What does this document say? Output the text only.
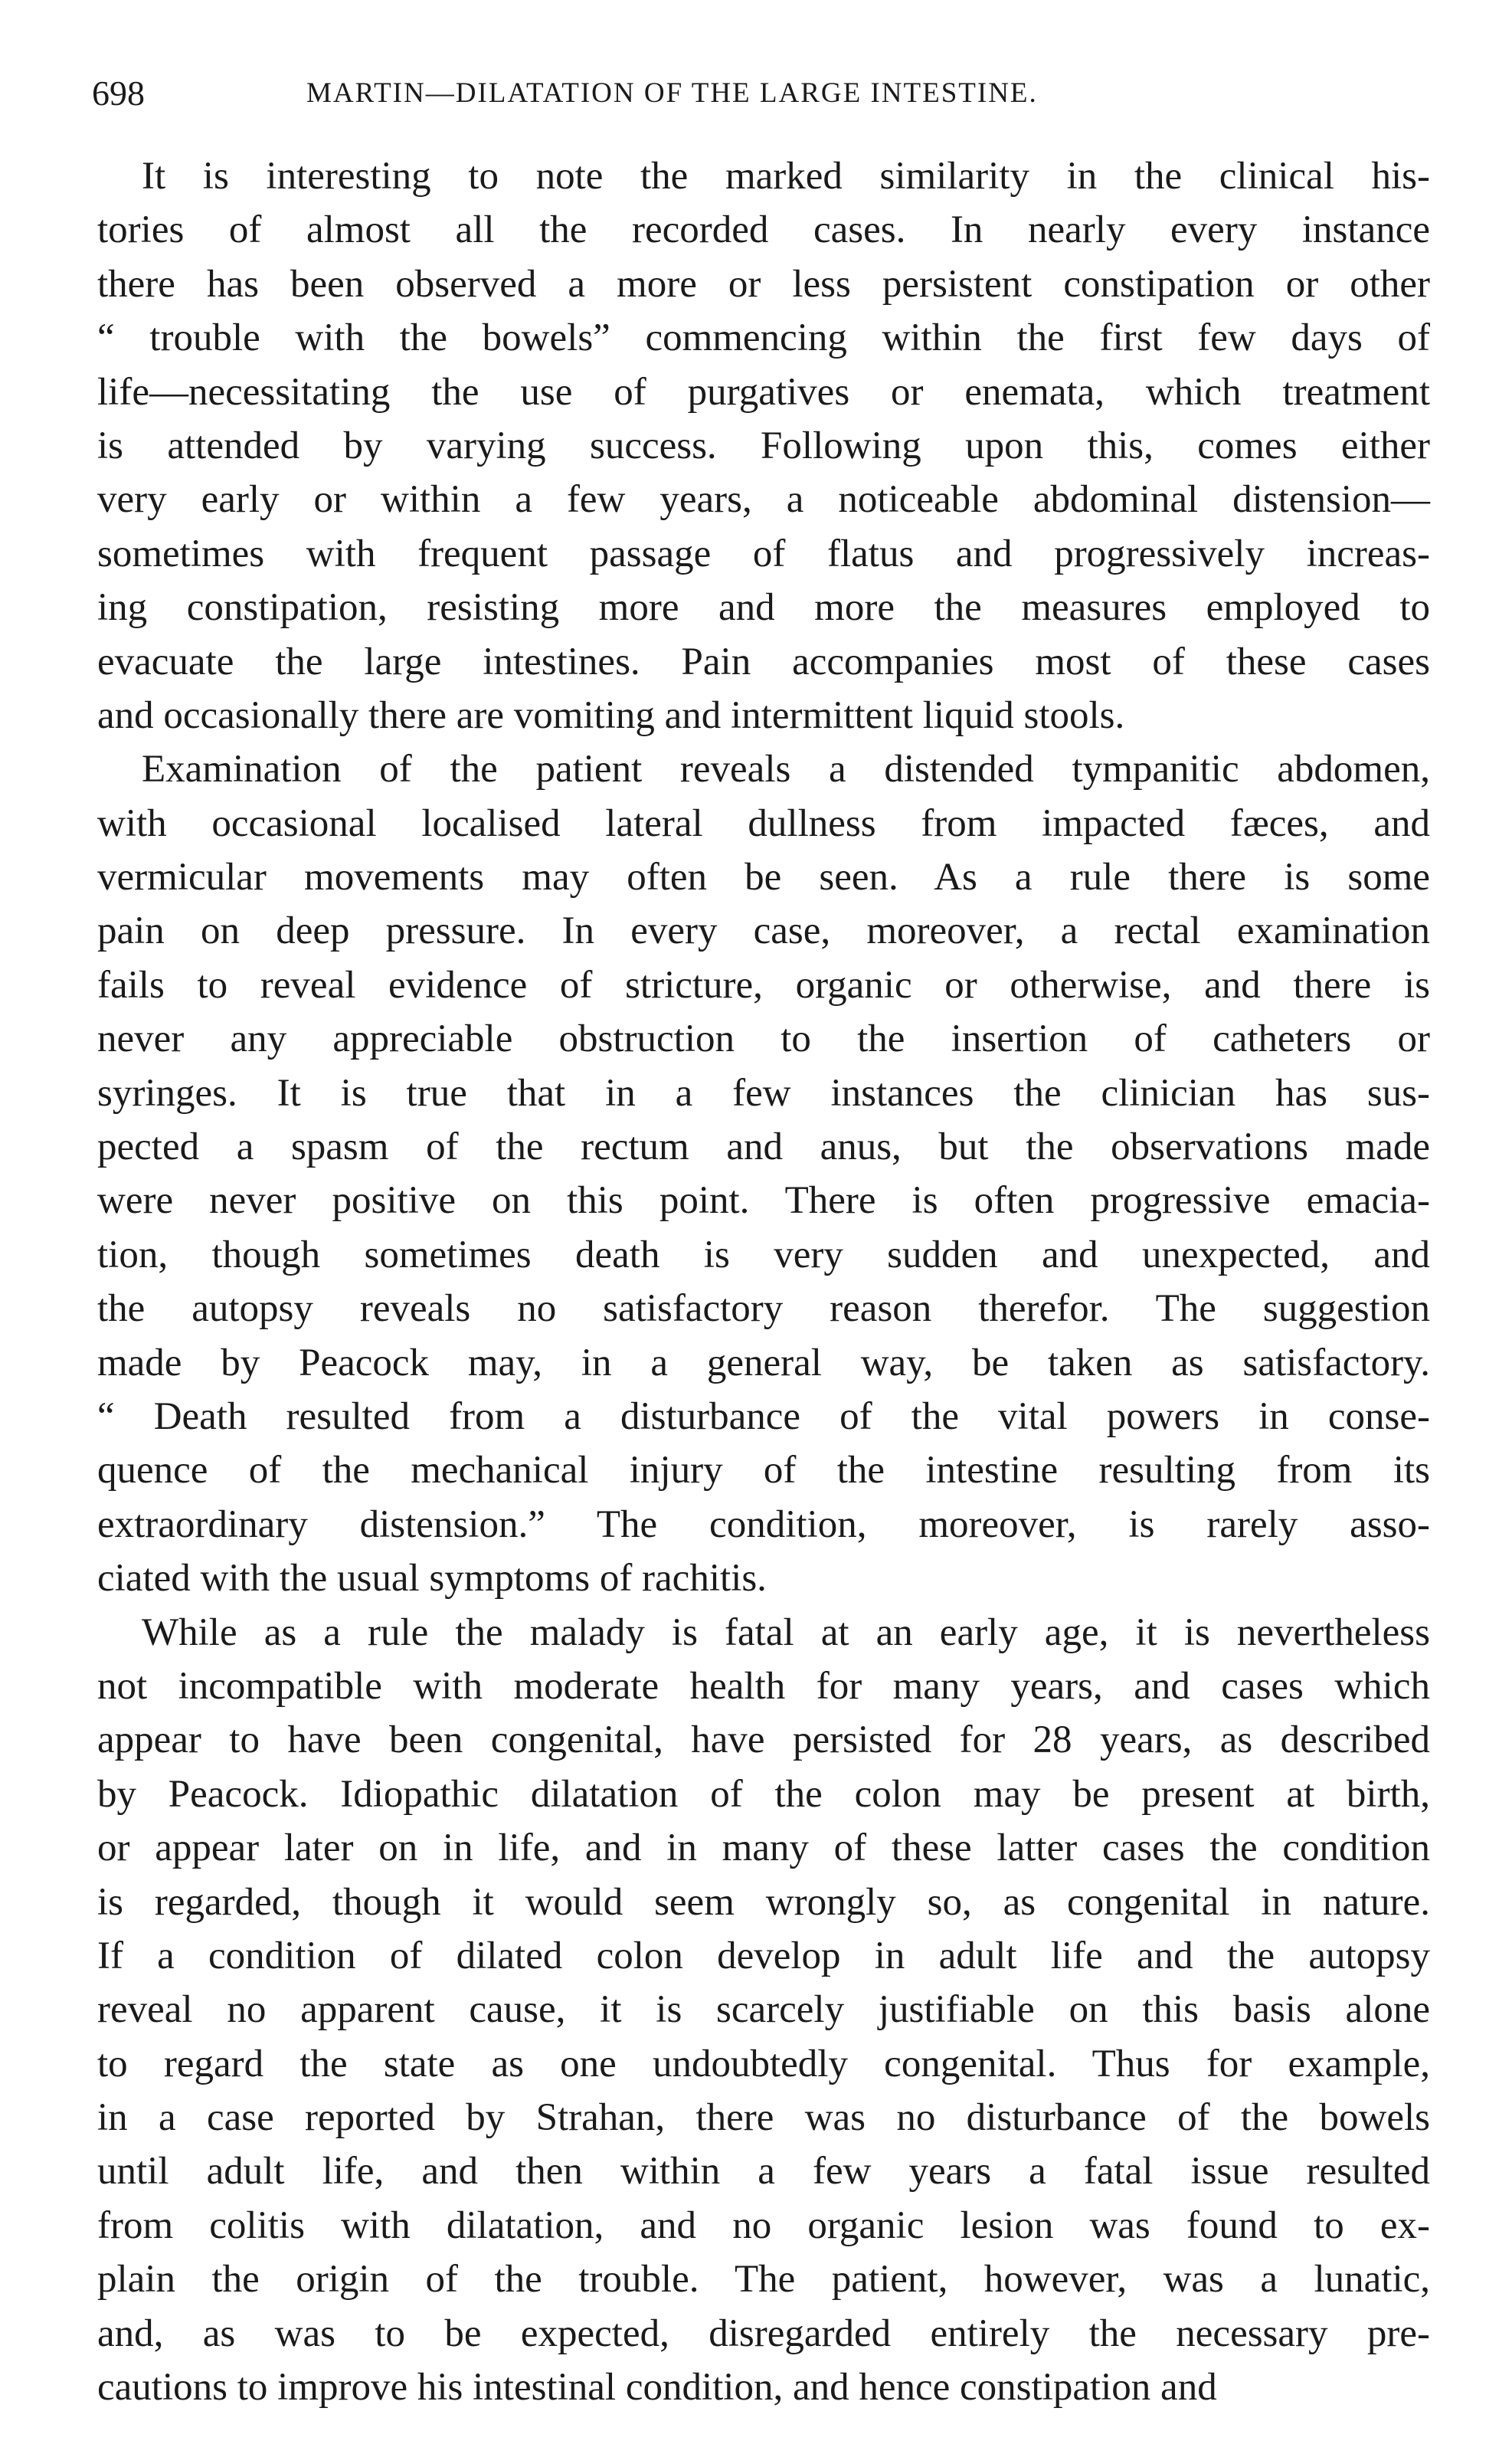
698	MARTIN—DILATATION OF THE LARGE INTESTINE.
It is interesting to note the marked similarity in the clinical his-
tories of almost all the recorded cases. In nearly every instance
there has been observed a more or less persistent constipation or other
“ trouble with the bowels” commencing within the first few days of
life—necessitating the use of purgatives or enemata, which treatment
is attended by varying success. Following upon this, comes either
very early or within a few years, a noticeable abdominal distension—
sometimes with frequent passage of flatus and progressively increas-
ing constipation, resisting more and more the measures employed to
evacuate the large intestines. Pain accompanies most of these cases
and occasionally there are vomiting and intermittent liquid stools.
Examination of the patient reveals a distended tympanitic abdomen,
with occasional localised lateral dullness from impacted fæces, and
vermicular movements may often be seen. As a rule there is some
pain on deep pressure. In every case, moreover, a rectal examination
fails to reveal evidence of stricture, organic or otherwise, and there is
never any appreciable obstruction to the insertion of catheters or
syringes. It is true that in a few instances the clinician has sus-
pected a spasm of the rectum and anus, but the observations made
were never positive on this point. There is often progressive emacia-
tion, though sometimes death is very sudden and unexpected, and
the autopsy reveals no satisfactory reason therefor. The suggestion
made by Peacock may, in a general way, be taken as satisfactory.
“ Death resulted from a disturbance of the vital powers in conse-
quence of the mechanical injury of the intestine resulting from its
extraordinary distension.” The condition, moreover, is rarely asso-
ciated with the usual symptoms of rachitis.
While as a rule the malady is fatal at an early age, it is nevertheless
not incompatible with moderate health for many years, and cases which
appear to have been congenital, have persisted for 28 years, as described
by Peacock. Idiopathic dilatation of the colon may be present at birth,
or appear later on in life, and in many of these latter cases the condition
is regarded, though it would seem wrongly so, as congenital in nature.
If a condition of dilated colon develop in adult life and the autopsy
reveal no apparent cause, it is scarcely justifiable on this basis alone
to regard the state as one undoubtedly congenital. Thus for example,
in a case reported by Strahan, there was no disturbance of the bowels
until adult life, and then within a few years a fatal issue resulted
from colitis with dilatation, and no organic lesion was found to ex-
plain the origin of the trouble. The patient, however, was a lunatic,
and, as was to be expected, disregarded entirely the necessary pre-
cautions to improve his intestinal condition, and hence constipation and
